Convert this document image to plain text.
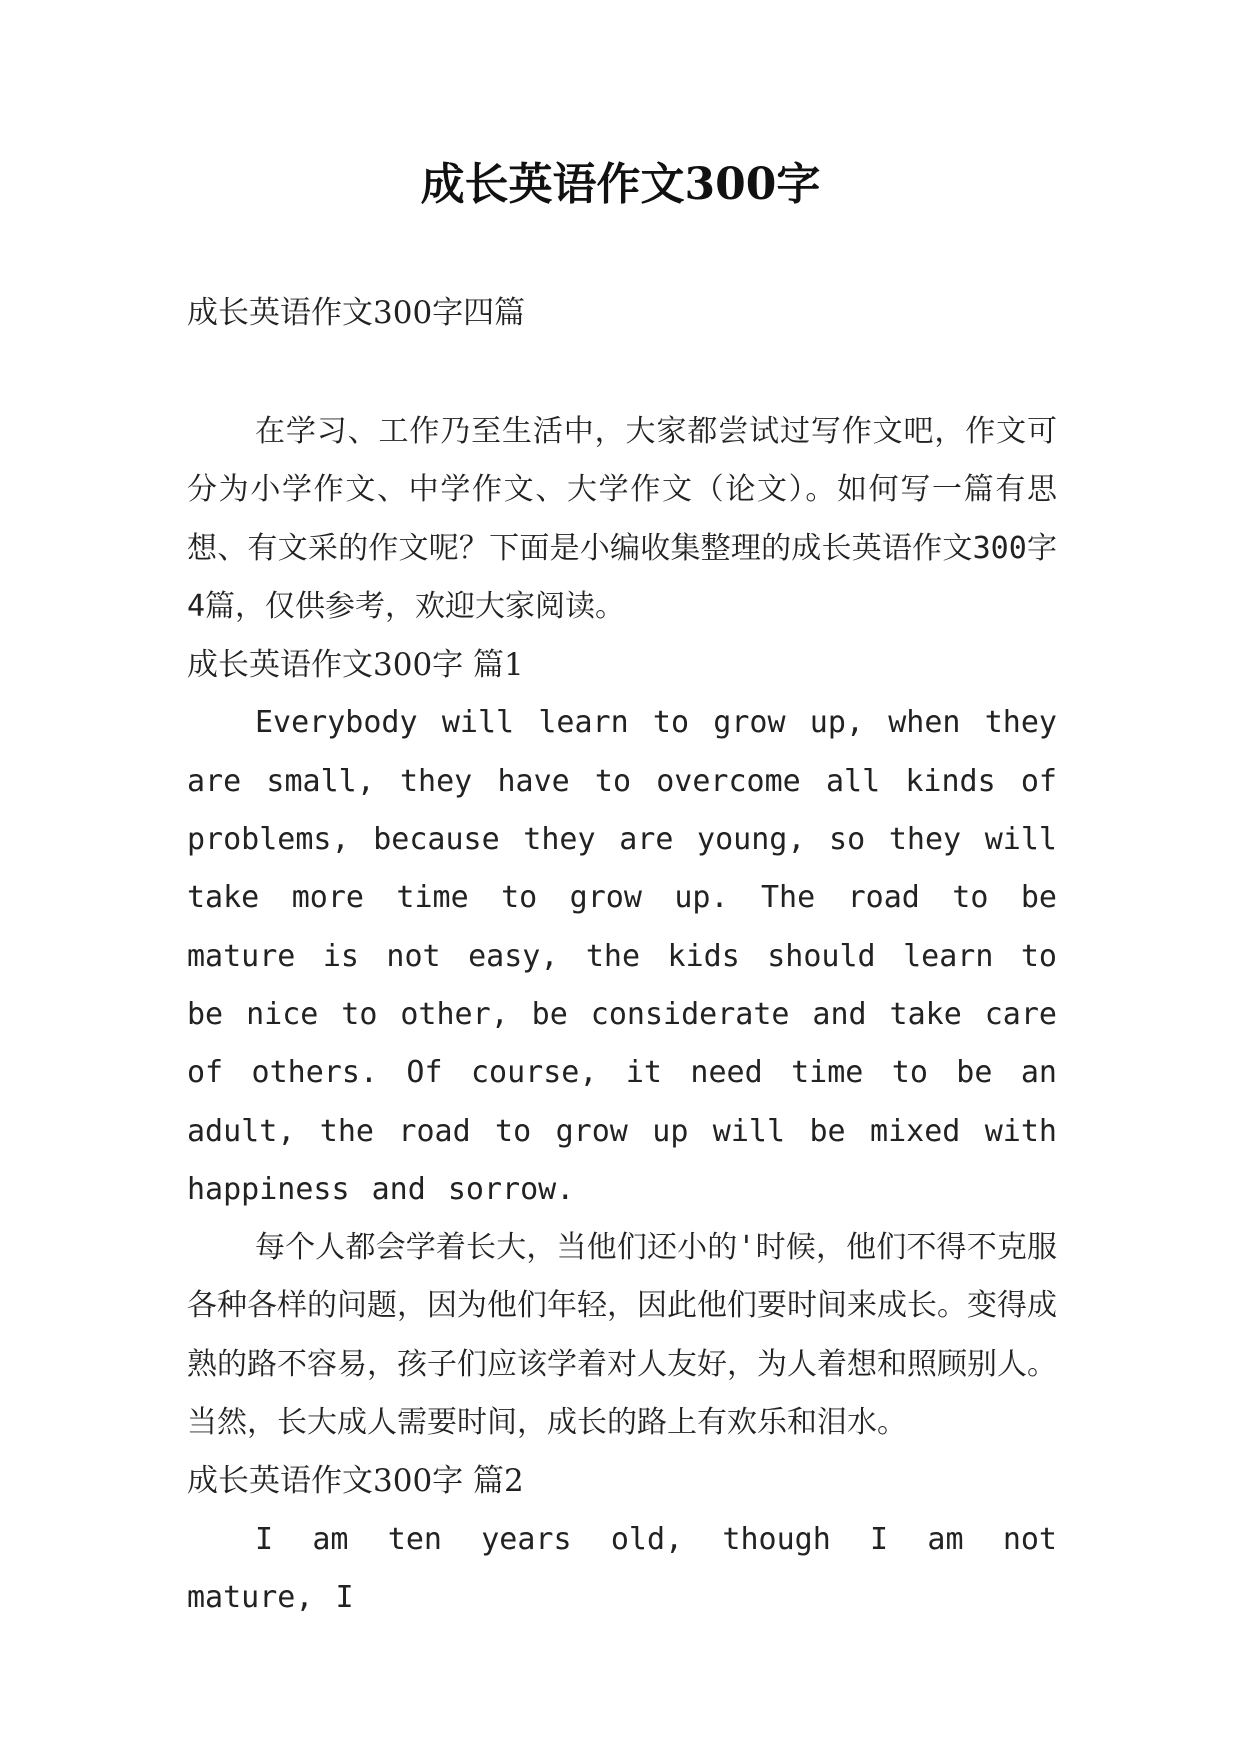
成长英语作文300字
成长英语作文300字四篇

在学习、工作乃至生活中，大家都尝试过写作文吧，作文可分为小学作文、中学作文、大学作文（论文）。如何写一篇有思想、有文采的作文呢？下面是小编收集整理的成长英语作文300字4篇，仅供参考，欢迎大家阅读。

成长英语作文300字 篇1

Everybody will learn to grow up, when they are small, they have to overcome all kinds of problems, because they are young, so they will take more time to grow up. The road to be mature is not easy, the kids should learn to be nice to other, be considerate and take care of others. Of course, it need time to be an adult, the road to grow up will be mixed with happiness and sorrow.

每个人都会学着长大，当他们还小的'时候，他们不得不克服各种各样的问题，因为他们年轻，因此他们要时间来成长。变得成熟的路不容易，孩子们应该学着对人友好，为人着想和照顾别人。当然，长大成人需要时间，成长的路上有欢乐和泪水。

成长英语作文300字 篇2

I am ten years old, though I am not mature, I
